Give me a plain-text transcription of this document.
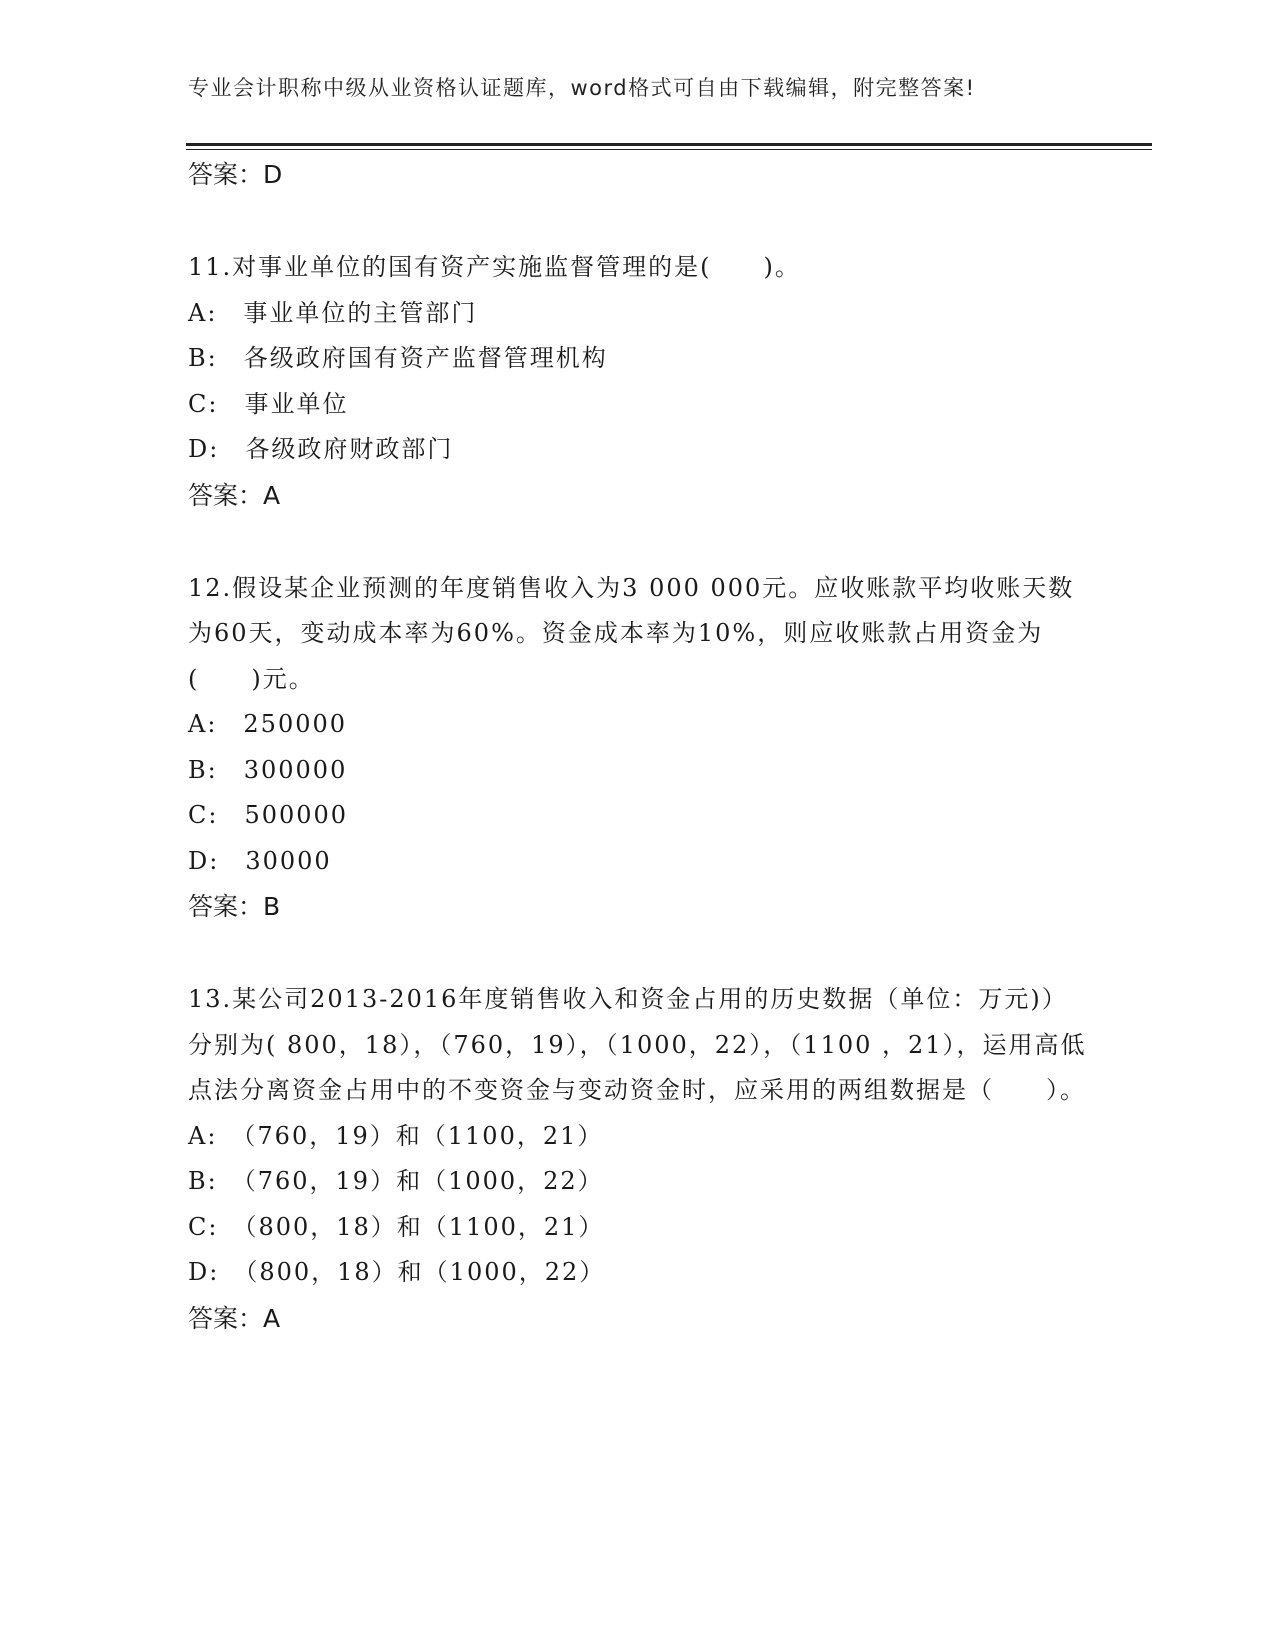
专业会计职称中级从业资格认证题库，word格式可自由下载编辑，附完整答案!
答案：D

11.对事业单位的国有资产实施监督管理的是(　　)。

A:　事业单位的主管部门

B:　各级政府国有资产监督管理机构

C:　事业单位

D:　各级政府财政部门

答案：A

12.假设某企业预测的年度销售收入为3 000 000元。应收账款平均收账天数为60天，变动成本率为60%。资金成本率为10%，则应收账款占用资金为(　　)元。

A:　250000

B:　300000

C:　500000

D:　30000

答案：B

13.某公司2013-2016年度销售收入和资金占用的历史数据（单位：万元)）分别为( 800，18），（760，19），（1000，22），（1100 ，21），运用高低点法分离资金占用中的不变资金与变动资金时，应采用的两组数据是（　　）。

A:　（760，19）和（1100，21）

B:　（760，19）和（1000，22）

C:　（800，18）和（1100，21）

D:　（800，18）和（1000，22）

答案：A
